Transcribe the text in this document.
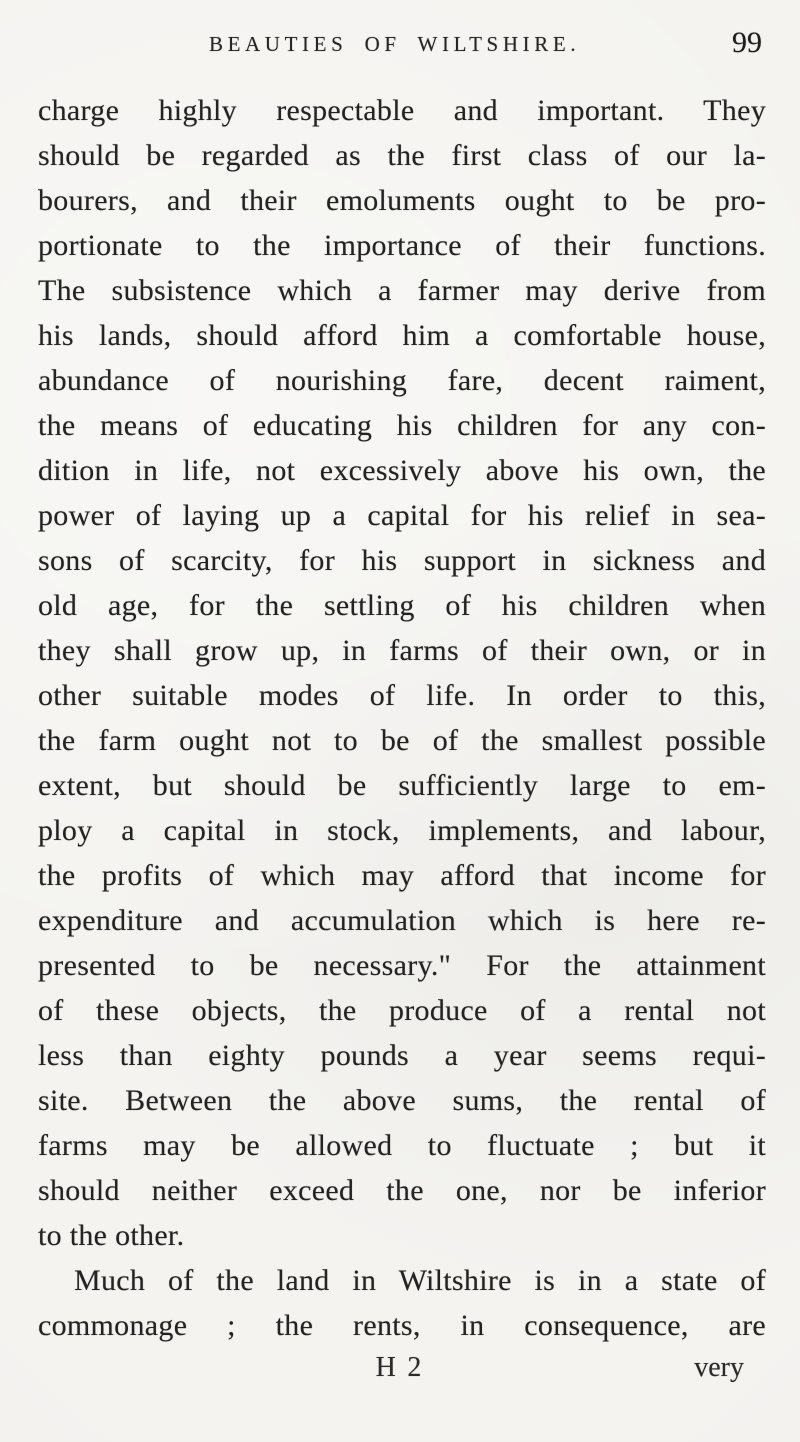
BEAUTIES OF WILTSHIRE.	99
charge highly respectable and important. They
should be regarded as the first class of our la-
bourers, and their emoluments ought to be pro-
portionate to the importance of their functions.
The subsistence which a farmer may derive from
his lands, should afford him a comfortable house,
abundance of nourishing fare, decent raiment,
the means of educating his children for any con-
dition in life, not excessively above his own, the
power of laying up a capital for his relief in sea-
sons of scarcity, for his support in sickness and
old age, for the settling of his children when
they shall grow up, in farms of their own, or in
other suitable modes of life. In order to this,
the farm ought not to be of the smallest possible
extent, but should be sufficiently large to em-
ploy a capital in stock, implements, and labour,
the profits of which may afford that income for
expenditure and accumulation which is here re-
presented to be necessary." For the attainment
of these objects, the produce of a rental not
less than eighty pounds a year seems requi-
site. Between the above sums, the rental of
farms may be allowed to fluctuate ; but it
should neither exceed the one, nor be inferior
to the other.
Much of the land in Wiltshire is in a state of
commonage ; the rents, in consequence, are
H 2	very
